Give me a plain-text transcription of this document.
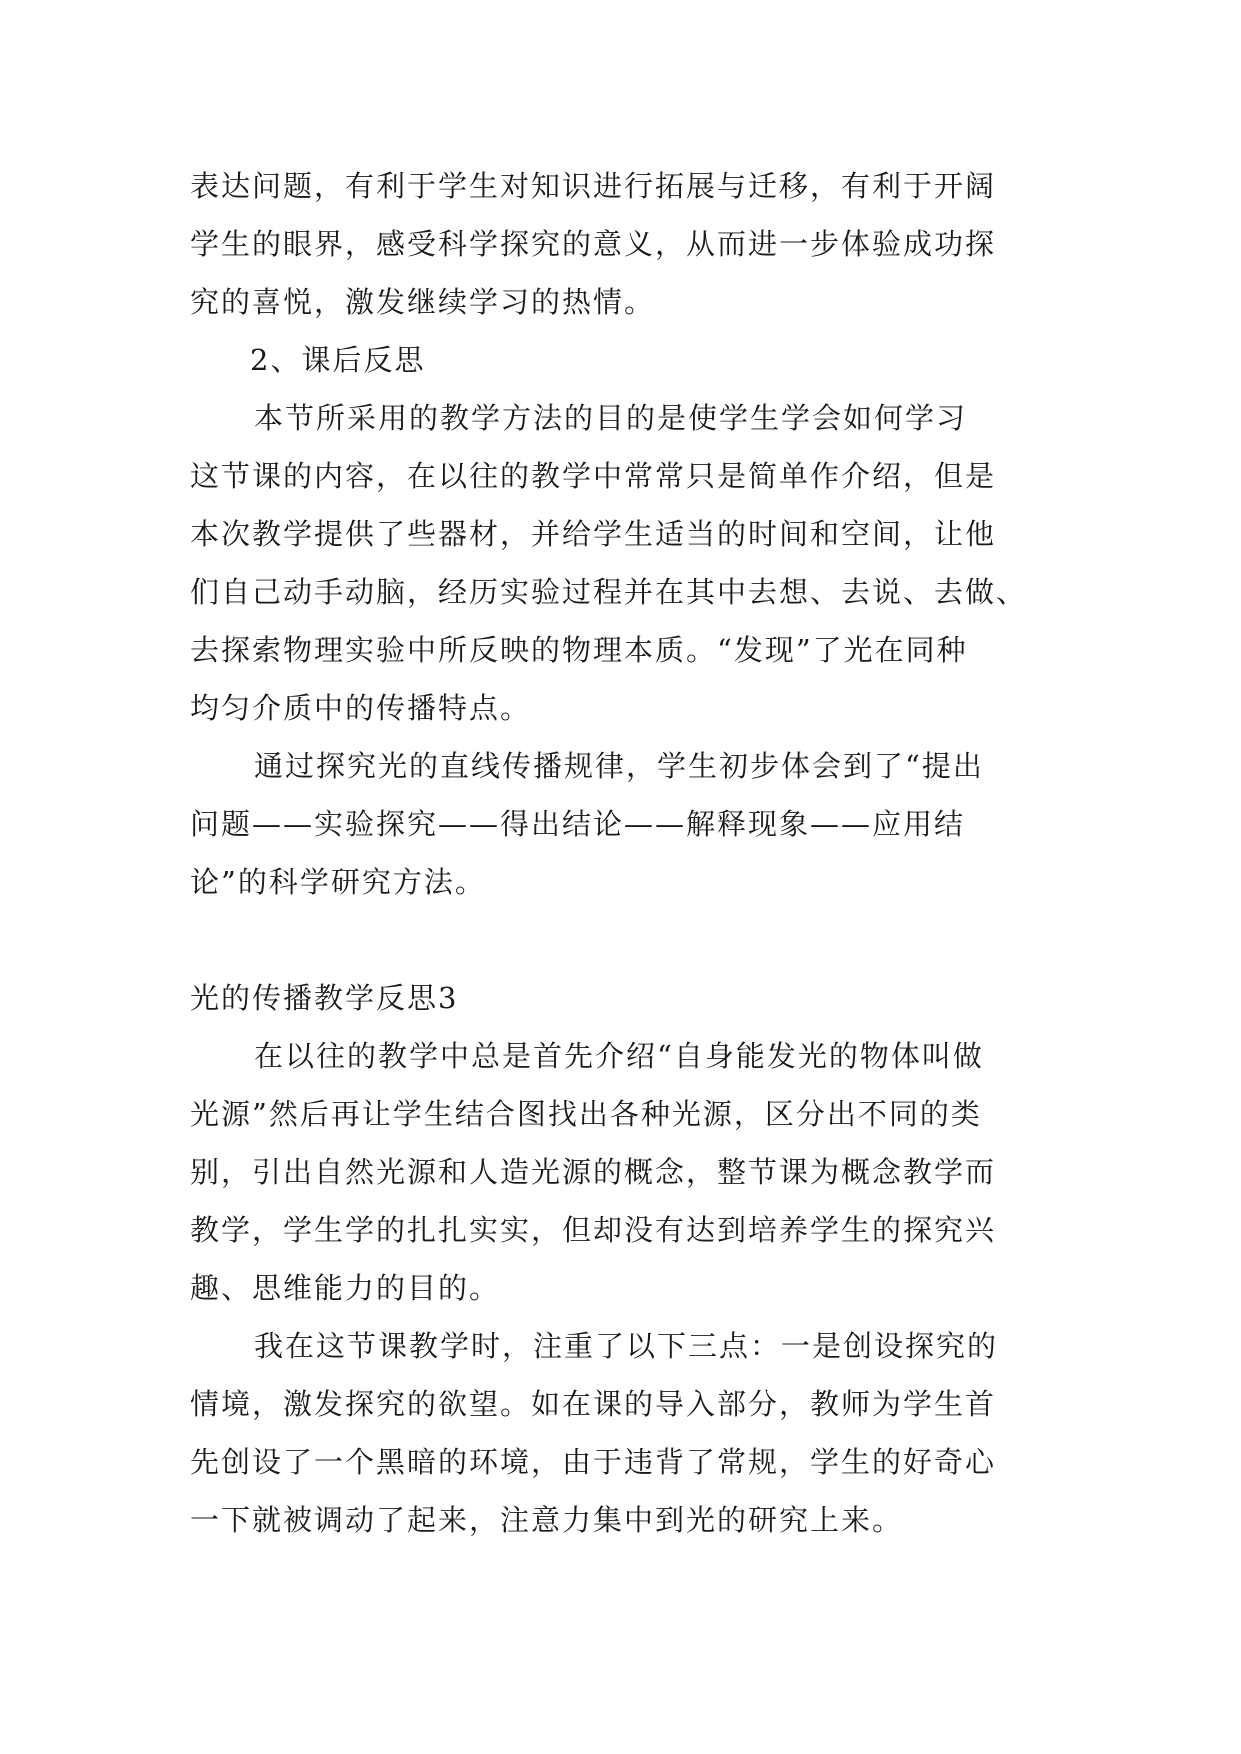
表达问题，有利于学生对知识进行拓展与迁移，有利于开阔
学生的眼界，感受科学探究的意义，从而进一步体验成功探
究的喜悦，激发继续学习的热情。
2、课后反思
本节所采用的教学方法的目的是使学生学会如何学习
这节课的内容，在以往的教学中常常只是简单作介绍，但是
本次教学提供了些器材，并给学生适当的时间和空间，让他
们自己动手动脑，经历实验过程并在其中去想、去说、去做、
去探索物理实验中所反映的物理本质。“发现”了光在同种
均匀介质中的传播特点。
通过探究光的直线传播规律，学生初步体会到了“提出
问题——实验探究——得出结论——解释现象——应用结
论”的科学研究方法。
光的传播教学反思3
在以往的教学中总是首先介绍“自身能发光的物体叫做
光源”然后再让学生结合图找出各种光源，区分出不同的类
别，引出自然光源和人造光源的概念，整节课为概念教学而
教学，学生学的扎扎实实，但却没有达到培养学生的探究兴
趣、思维能力的目的。
我在这节课教学时，注重了以下三点：一是创设探究的
情境，激发探究的欲望。如在课的导入部分，教师为学生首
先创设了一个黑暗的环境，由于违背了常规，学生的好奇心
一下就被调动了起来，注意力集中到光的研究上来。
